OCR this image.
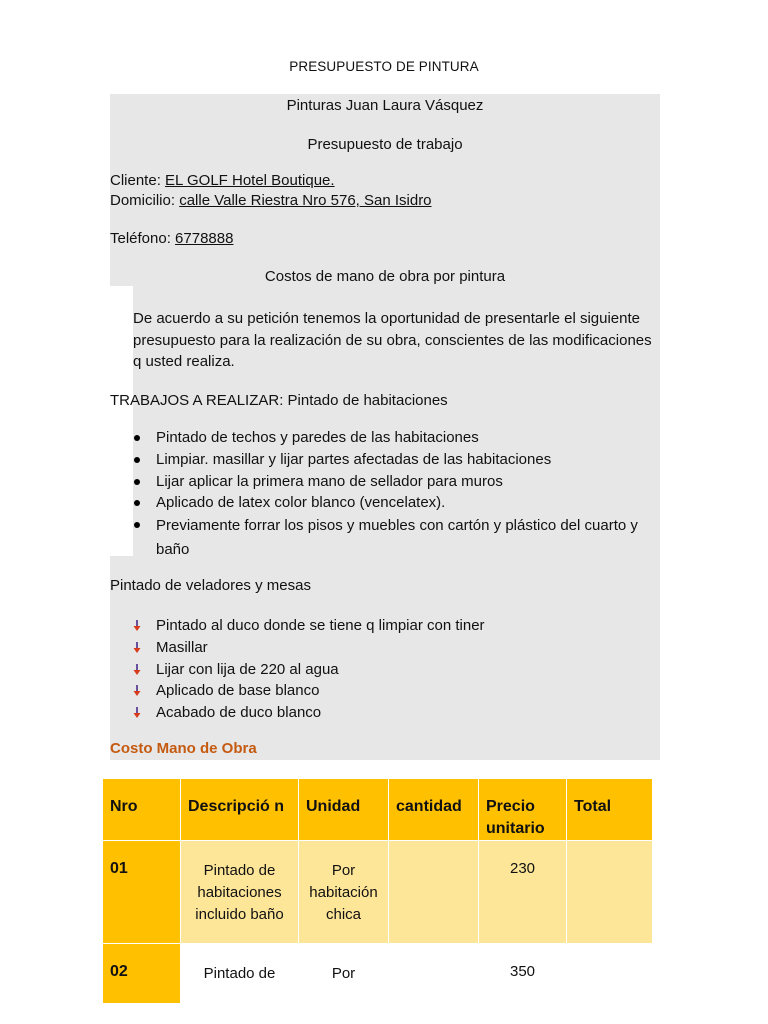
PRESUPUESTO DE PINTURA
Pinturas Juan Laura Vásquez
Presupuesto de trabajo
Cliente: EL GOLF Hotel Boutique.
Domicilio: calle Valle Riestra Nro 576, San Isidro
Teléfono: 6778888
Costos de mano de obra por pintura
De acuerdo a su petición tenemos la oportunidad de presentarle el siguiente presupuesto para la realización de su obra, conscientes de las modificaciones q usted realiza.
TRABAJOS A REALIZAR: Pintado de habitaciones
Pintado de techos y paredes de las habitaciones
Limpiar. masillar y lijar partes afectadas de las habitaciones
Lijar aplicar la primera mano de sellador para muros
Aplicado de latex color blanco (vencelatex).
Previamente forrar los pisos y muebles con cartón y plástico del cuarto y baño
Pintado de veladores y mesas
Pintado al duco donde se tiene q limpiar con tiner
Masillar
Lijar con lija de 220 al agua
Aplicado de base blanco
Acabado de duco blanco
Costo Mano de Obra
Nro	Descripció n	Unidad	cantidad	Precio unitario	Total
01	Pintado de habitaciones incluido baño	Por habitación chica		230	
02	Pintado de	Por		350	
